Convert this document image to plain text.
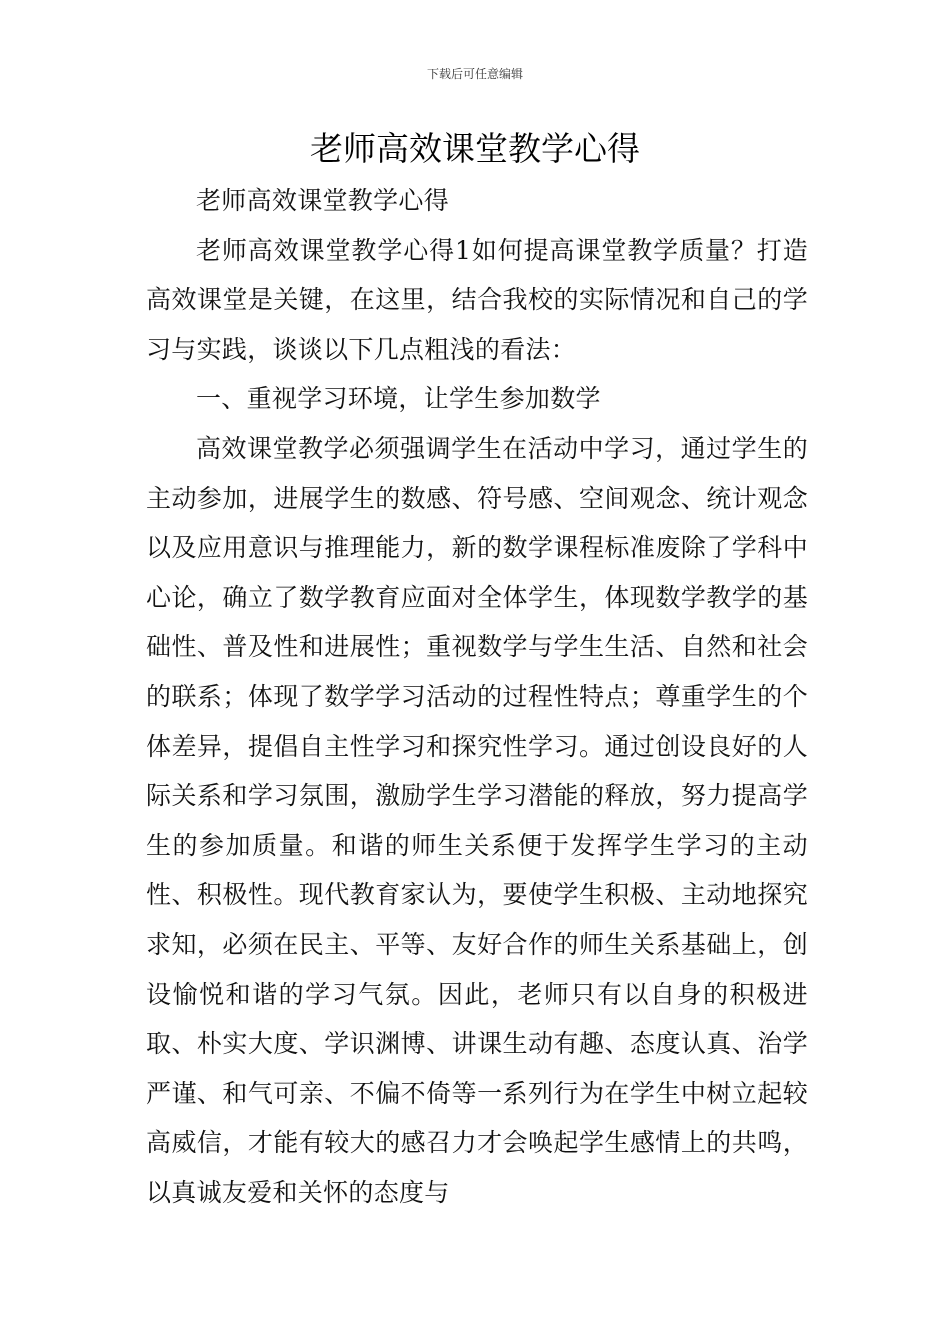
下载后可任意编辑
老师高效课堂教学心得

老师高效课堂教学心得

老师高效课堂教学心得1如何提高课堂教学质量？打造高效课堂是关键，在这里，结合我校的实际情况和自己的学习与实践，谈谈以下几点粗浅的看法：

一、重视学习环境，让学生参加数学

高效课堂教学必须强调学生在活动中学习，通过学生的主动参加，进展学生的数感、符号感、空间观念、统计观念以及应用意识与推理能力，新的数学课程标准废除了学科中心论，确立了数学教育应面对全体学生，体现数学教学的基础性、普及性和进展性；重视数学与学生生活、自然和社会的联系；体现了数学学习活动的过程性特点；尊重学生的个体差异，提倡自主性学习和探究性学习。通过创设良好的人际关系和学习氛围，激励学生学习潜能的释放，努力提高学生的参加质量。和谐的师生关系便于发挥学生学习的主动性、积极性。现代教育家认为，要使学生积极、主动地探究求知，必须在民主、平等、友好合作的师生关系基础上，创设愉悦和谐的学习气氛。因此，老师只有以自身的积极进取、朴实大度、学识渊博、讲课生动有趣、态度认真、治学严谨、和气可亲、不偏不倚等一系列行为在学生中树立起较高威信，才能有较大的感召力才会唤起学生感情上的共鸣，以真诚友爱和关怀的态度与
